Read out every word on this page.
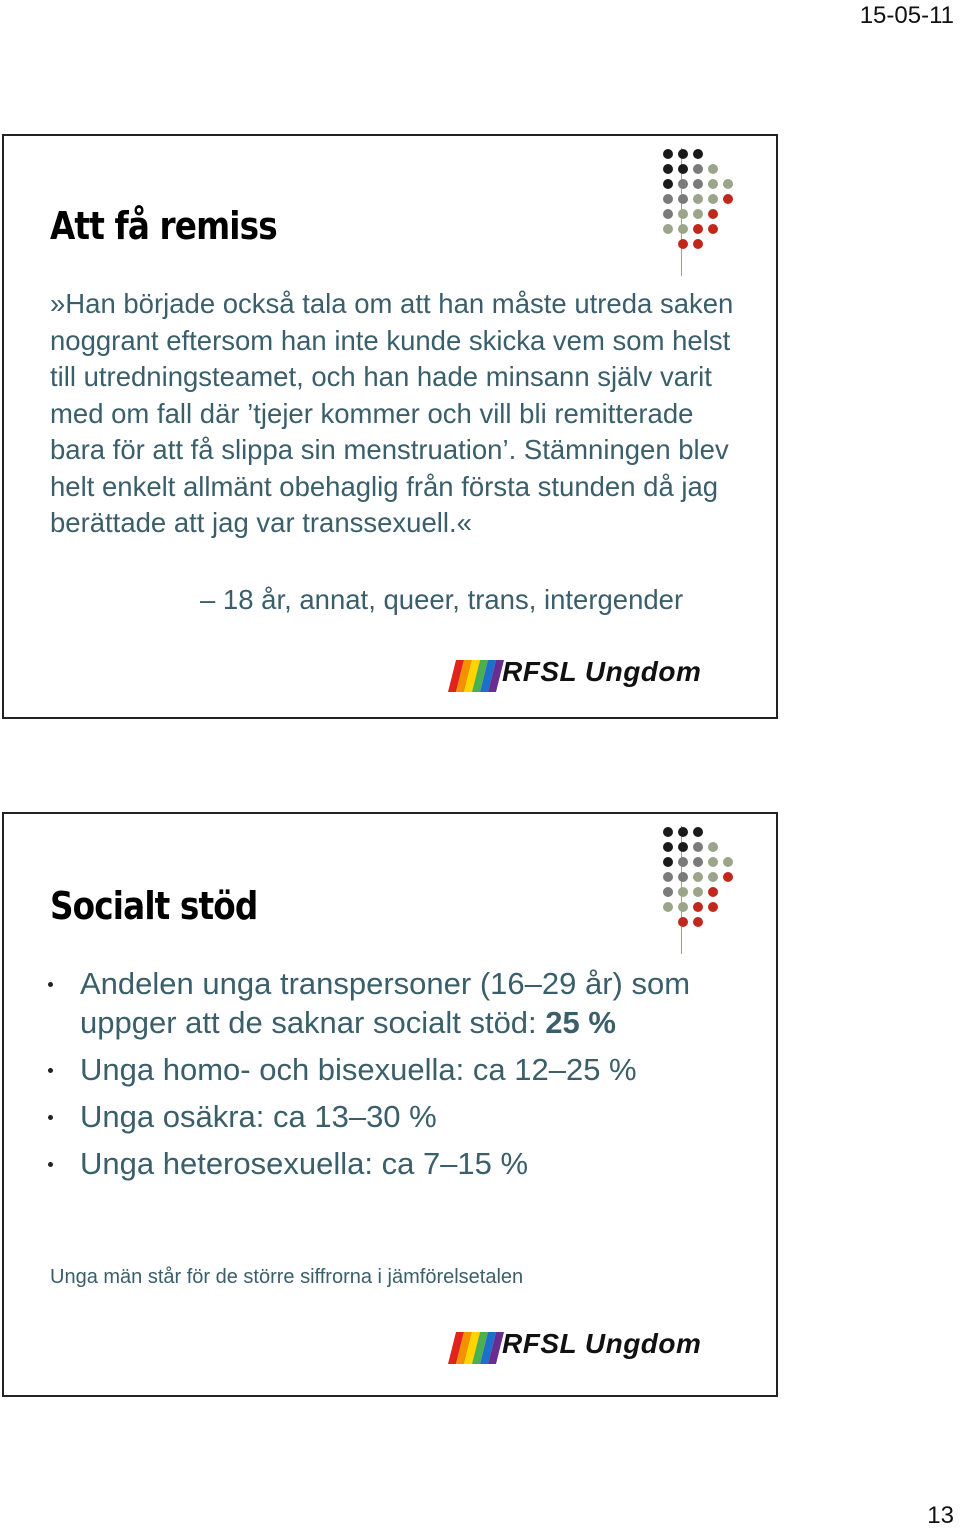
15-05-11
Att få remiss

»Han började också tala om att han måste utreda saken noggrant eftersom han inte kunde skicka vem som helst till utredningsteamet, och han hade minsann själv varit med om fall där ’tjejer kommer och vill bli remitterade bara för att få slippa sin menstruation’. Stämningen blev helt enkelt allmänt obehaglig från första stunden då jag berättade att jag var transsexuell.«

– 18 år, annat, queer, trans, intergender

RFSL Ungdom
Socialt stöd
Andelen unga transpersoner (16–29 år) som uppger att de saknar socialt stöd: 25 %
Unga homo- och bisexuella: ca 12–25 %
Unga osäkra: ca 13–30 %
Unga heterosexuella: ca 7–15 %

Unga män står för de större siffrorna i jämförelsetalen

RFSL Ungdom
13
